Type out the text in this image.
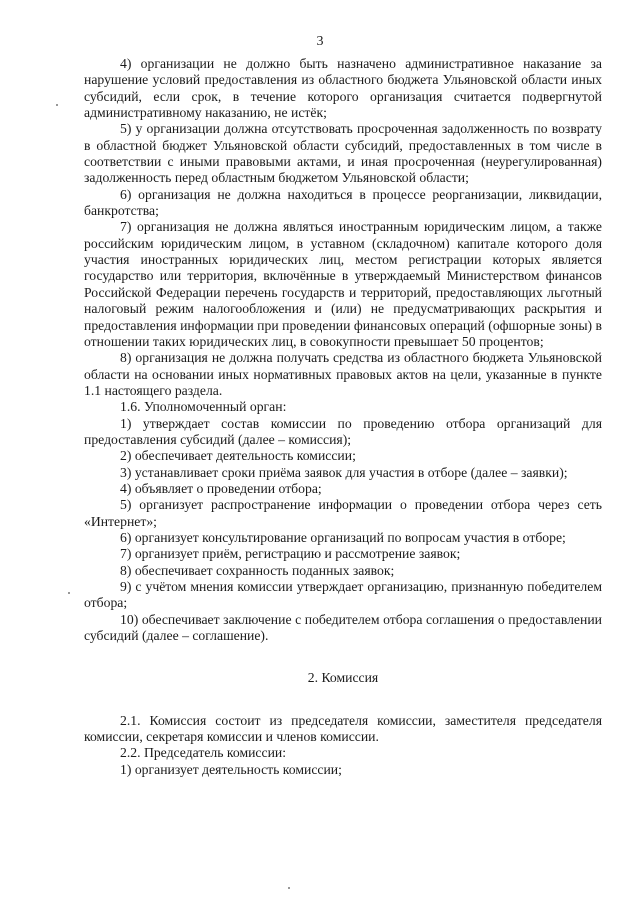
3

4) организации не должно быть назначено административное наказание за нарушение условий предоставления из областного бюджета Ульяновской области иных субсидий, если срок, в течение которого организация считается подвергнутой административному наказанию, не истёк;

5) у организации должна отсутствовать просроченная задолженность по возврату в областной бюджет Ульяновской области субсидий, предоставленных в том числе в соответствии с иными правовыми актами, и иная просроченная (неурегулированная) задолженность перед областным бюджетом Ульяновской области;

6) организация не должна находиться в процессе реорганизации, ликвидации, банкротства;

7) организация не должна являться иностранным юридическим лицом, а также российским юридическим лицом, в уставном (складочном) капитале которого доля участия иностранных юридических лиц, местом регистрации которых является государство или территория, включённые в утверждаемый Министерством финансов Российской Федерации перечень государств и территорий, предоставляющих льготный налоговый режим налогообложения и (или) не предусматривающих раскрытия и предоставления информации при проведении финансовых операций (офшорные зоны) в отношении таких юридических лиц, в совокупности превышает 50 процентов;

8) организация не должна получать средства из областного бюджета Ульяновской области на основании иных нормативных правовых актов на цели, указанные в пункте 1.1 настоящего раздела.

1.6. Уполномоченный орган:

1) утверждает состав комиссии по проведению отбора организаций для предоставления субсидий (далее – комиссия);

2) обеспечивает деятельность комиссии;

3) устанавливает сроки приёма заявок для участия в отборе (далее – заявки);

4) объявляет о проведении отбора;

5) организует распространение информации о проведении отбора через сеть «Интернет»;

6) организует консультирование организаций по вопросам участия в отборе;

7) организует приём, регистрацию и рассмотрение заявок;

8) обеспечивает сохранность поданных заявок;

9) с учётом мнения комиссии утверждает организацию, признанную победителем отбора;

10) обеспечивает заключение с победителем отбора соглашения о предоставлении субсидий (далее – соглашение).

2. Комиссия

2.1. Комиссия состоит из председателя комиссии, заместителя председателя комиссии, секретаря комиссии и членов комиссии.

2.2. Председатель комиссии:

1) организует деятельность комиссии;
